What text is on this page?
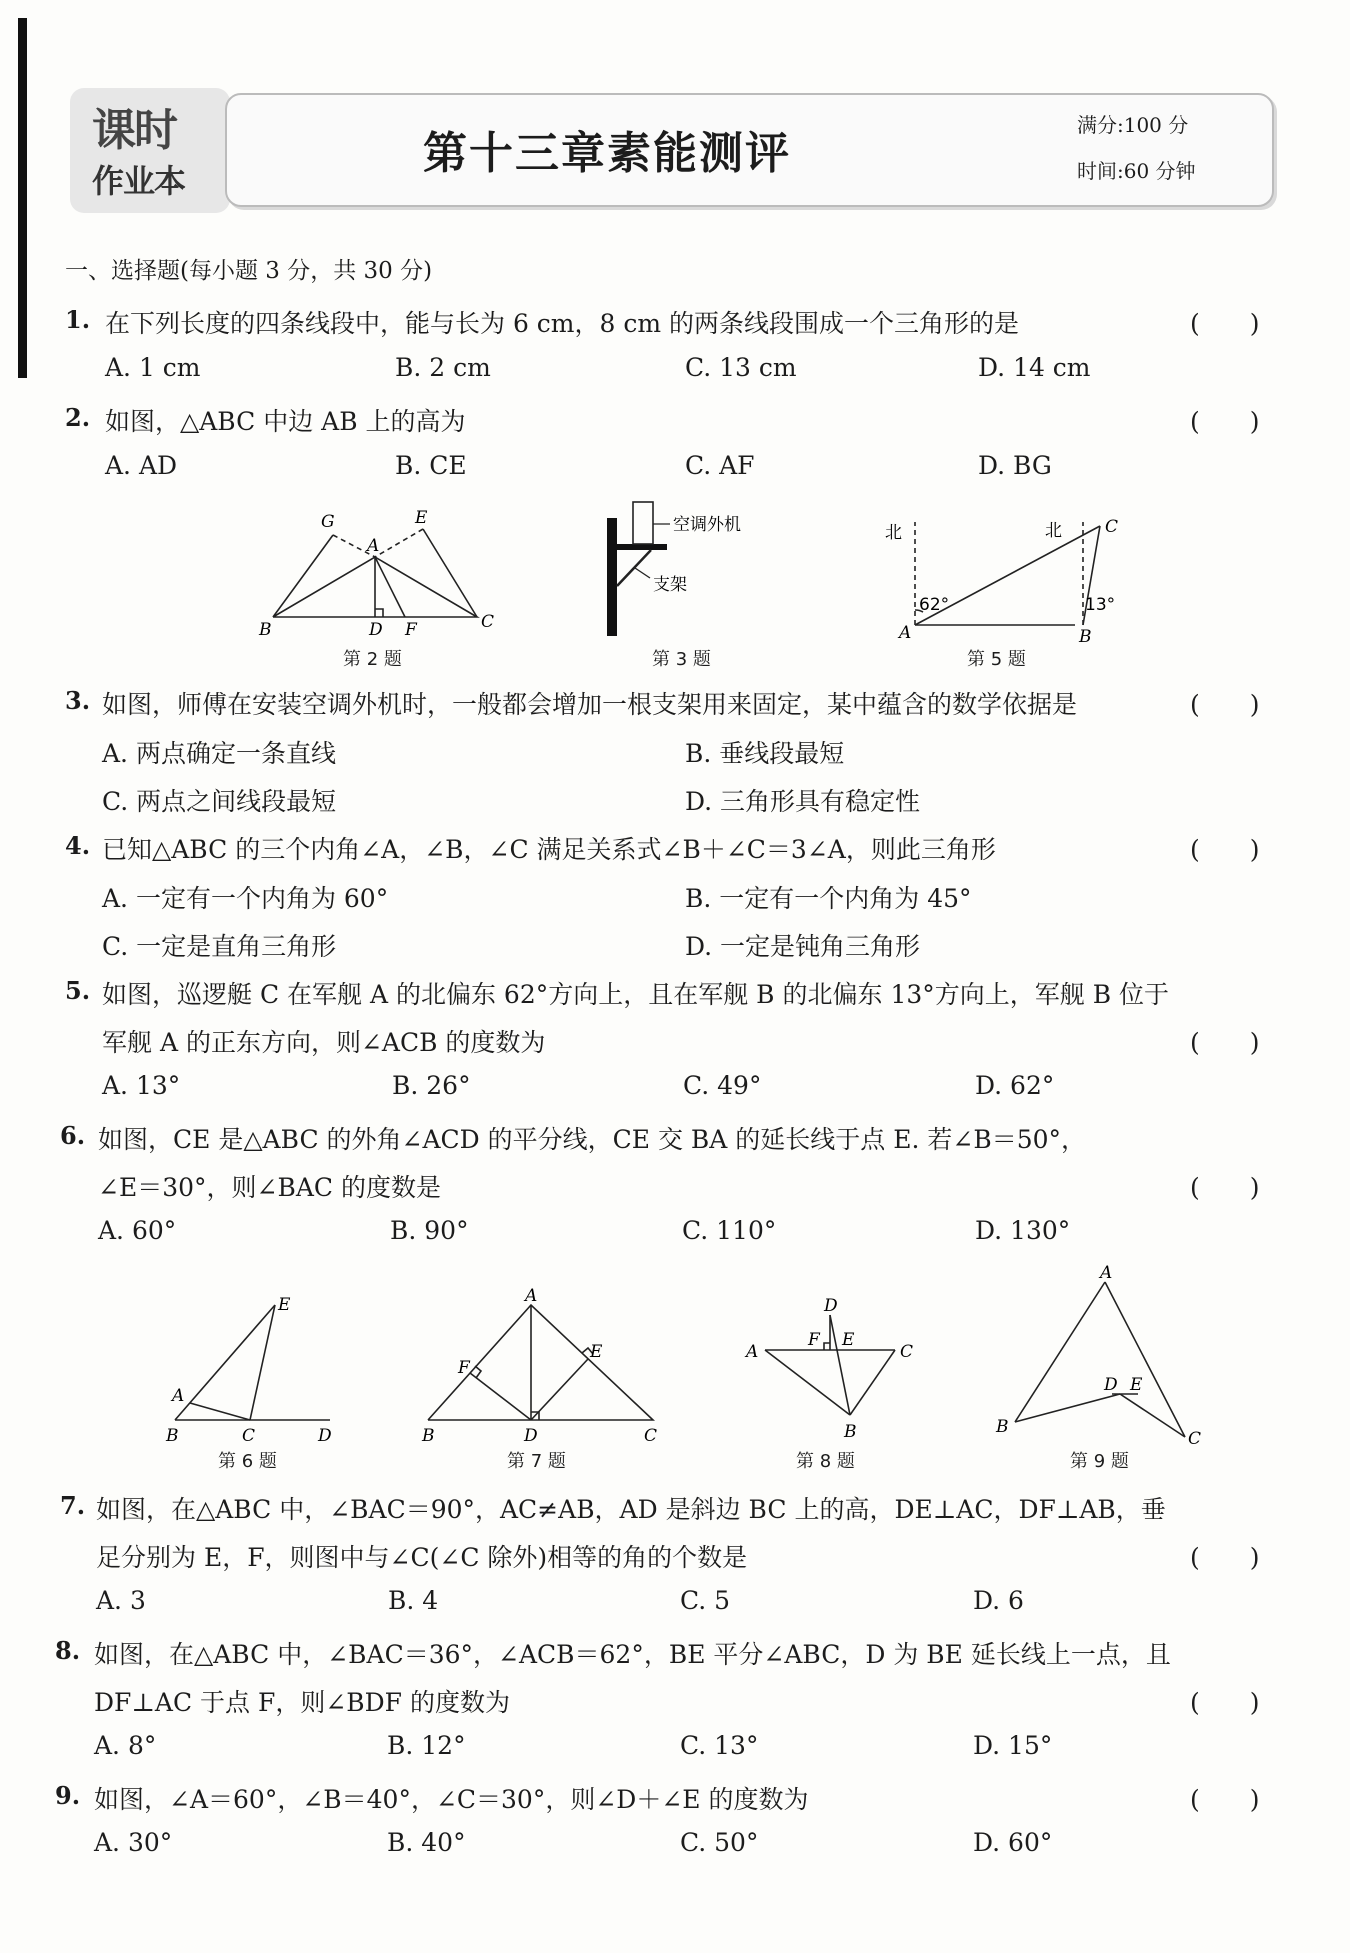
课时
作业本
第十三章素能测评
满分:100 分
时间:60 分钟
一、选择题(每小题 3 分，共 30 分)
1. 在下列长度的四条线段中，能与长为 6 cm，8 cm 的两条线段围成一个三角形的是	(　　)
A. 1 cm	B. 2 cm	C. 13 cm	D. 14 cm
2. 如图，△ABC 中边 AB 上的高为	(　　)
A. AD	B. CE	C. AF	D. BG
G	E
A
B	D F	C
第 2 题
空调外机
支架
第 3 题
北	北
62°	13°
A	B
C
第 5 题
3. 如图，师傅在安装空调外机时，一般都会增加一根支架用来固定，某中蕴含的数学依据是	(　　)
A. 两点确定一条直线	B. 垂线段最短
C. 两点之间线段最短	D. 三角形具有稳定性
4. 已知△ABC 的三个内角∠A，∠B，∠C 满足关系式∠B＋∠C＝3∠A，则此三角形	(　　)
A. 一定有一个内角为 60°	B. 一定有一个内角为 45°
C. 一定是直角三角形	D. 一定是钝角三角形
5. 如图，巡逻艇 C 在军舰 A 的北偏东 62°方向上，且在军舰 B 的北偏东 13°方向上，军舰 B 位于
军舰 A 的正东方向，则∠ACB 的度数为	(　　)
A. 13°	B. 26°	C. 49°	D. 62°
6. 如图，CE 是△ABC 的外角∠ACD 的平分线，CE 交 BA 的延长线于点 E. 若∠B＝50°，
∠E＝30°，则∠BAC 的度数是	(　　)
A. 60°	B. 90°	C. 110°	D. 130°
E
A
B	C	D
第 6 题
A
F
E
B	D	C
第 7 题
D
F E
A	C
B
第 8 题
A
D E
B
C
第 9 题
7. 如图，在△ABC 中，∠BAC＝90°，AC≠AB，AD 是斜边 BC 上的高，DE⊥AC，DF⊥AB，垂
足分别为 E，F，则图中与∠C(∠C 除外)相等的角的个数是	(　　)
A. 3	B. 4	C. 5	D. 6
8. 如图，在△ABC 中，∠BAC＝36°，∠ACB＝62°，BE 平分∠ABC，D 为 BE 延长线上一点，且
DF⊥AC 于点 F，则∠BDF 的度数为	(　　)
A. 8°	B. 12°	C. 13°	D. 15°
9. 如图，∠A＝60°，∠B＝40°，∠C＝30°，则∠D＋∠E 的度数为	(　　)
A. 30°	B. 40°	C. 50°	D. 60°
